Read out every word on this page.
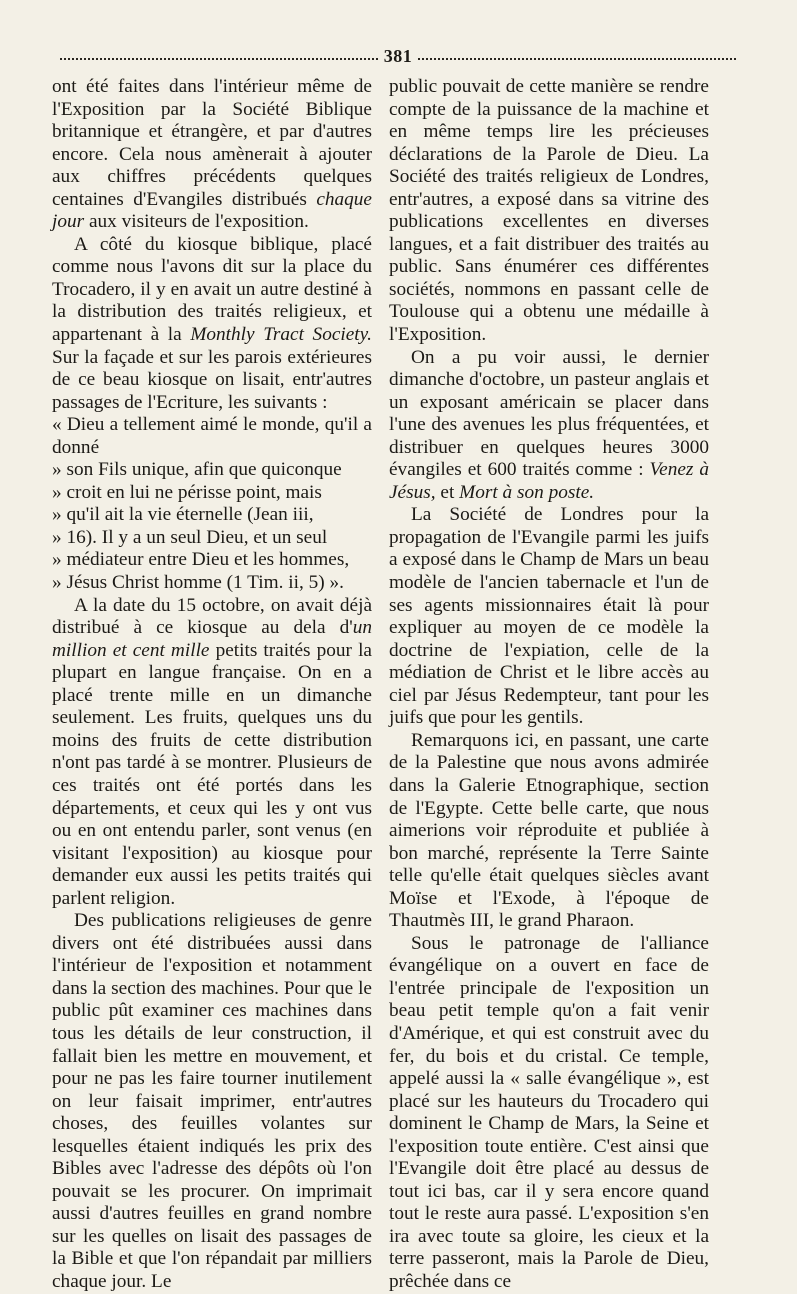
381

ont été faites dans l'intérieur même de l'Exposition par la Société Biblique britannique et étrangère, et par d'autres encore. Cela nous amènerait à ajouter aux chiffres précédents quelques centaines d'Evangiles distribués chaque jour aux visiteurs de l'exposition.

A côté du kiosque biblique, placé comme nous l'avons dit sur la place du Trocadero, il y en avait un autre destiné à la distribution des traités religieux, et appartenant à la Monthly Tract Society. Sur la façade et sur les parois extérieures de ce beau kiosque on lisait, entr'autres passages de l'Ecriture, les suivants :

« Dieu a tellement aimé le monde, qu'il a donné
» son Fils unique, afin que quiconque
» croit en lui ne périsse point, mais
» qu'il ait la vie éternelle (Jean iii,
» 16). Il y a un seul Dieu, et un seul
» médiateur entre Dieu et les hommes,
» Jésus Christ homme (1 Tim. ii, 5) ».

A la date du 15 octobre, on avait déjà distribué à ce kiosque au dela d'un million et cent mille petits traités pour la plupart en langue française. On en a placé trente mille en un dimanche seulement. Les fruits, quelques uns du moins des fruits de cette distribution n'ont pas tardé à se montrer. Plusieurs de ces traités ont été portés dans les départements, et ceux qui les y ont vus ou en ont entendu parler, sont venus (en visitant l'exposition) au kiosque pour demander eux aussi les petits traités qui parlent religion.

Des publications religieuses de genre divers ont été distribuées aussi dans l'intérieur de l'exposition et notamment dans la section des machines. Pour que le public pût examiner ces machines dans tous les détails de leur construction, il fallait bien les mettre en mouvement, et pour ne pas les faire tourner inutilement on leur faisait imprimer, entr'autres choses, des feuilles volantes sur lesquelles étaient indiqués les prix des Bibles avec l'adresse des dépôts où l'on pouvait se les procurer. On imprimait aussi d'autres feuilles en grand nombre sur les quelles on lisait des passages de la Bible et que l'on répandait par milliers chaque jour. Le

public pouvait de cette manière se rendre compte de la puissance de la machine et en même temps lire les précieuses déclarations de la Parole de Dieu. La Société des traités religieux de Londres, entr'autres, a exposé dans sa vitrine des publications excellentes en diverses langues, et a fait distribuer des traités au public. Sans énumérer ces différentes sociétés, nommons en passant celle de Toulouse qui a obtenu une médaille à l'Exposition.

On a pu voir aussi, le dernier dimanche d'octobre, un pasteur anglais et un exposant américain se placer dans l'une des avenues les plus fréquentées, et distribuer en quelques heures 3000 évangiles et 600 traités comme : Venez à Jésus, et Mort à son poste.

La Société de Londres pour la propagation de l'Evangile parmi les juifs a exposé dans le Champ de Mars un beau modèle de l'ancien tabernacle et l'un de ses agents missionnaires était là pour expliquer au moyen de ce modèle la doctrine de l'expiation, celle de la médiation de Christ et le libre accès au ciel par Jésus Redempteur, tant pour les juifs que pour les gentils.

Remarquons ici, en passant, une carte de la Palestine que nous avons admirée dans la Galerie Etnographique, section de l'Egypte. Cette belle carte, que nous aimerions voir réproduite et publiée à bon marché, représente la Terre Sainte telle qu'elle était quelques siècles avant Moïse et l'Exode, à l'époque de Thautmès III, le grand Pharaon.

Sous le patronage de l'alliance évangélique on a ouvert en face de l'entrée principale de l'exposition un beau petit temple qu'on a fait venir d'Amérique, et qui est construit avec du fer, du bois et du cristal. Ce temple, appelé aussi la « salle évangélique », est placé sur les hauteurs du Trocadero qui dominent le Champ de Mars, la Seine et l'exposition toute entière. C'est ainsi que l'Evangile doit être placé au dessus de tout ici bas, car il y sera encore quand tout le reste aura passé. L'exposition s'en ira avec toute sa gloire, les cieux et la terre passeront, mais la Parole de Dieu, prêchée dans ce
